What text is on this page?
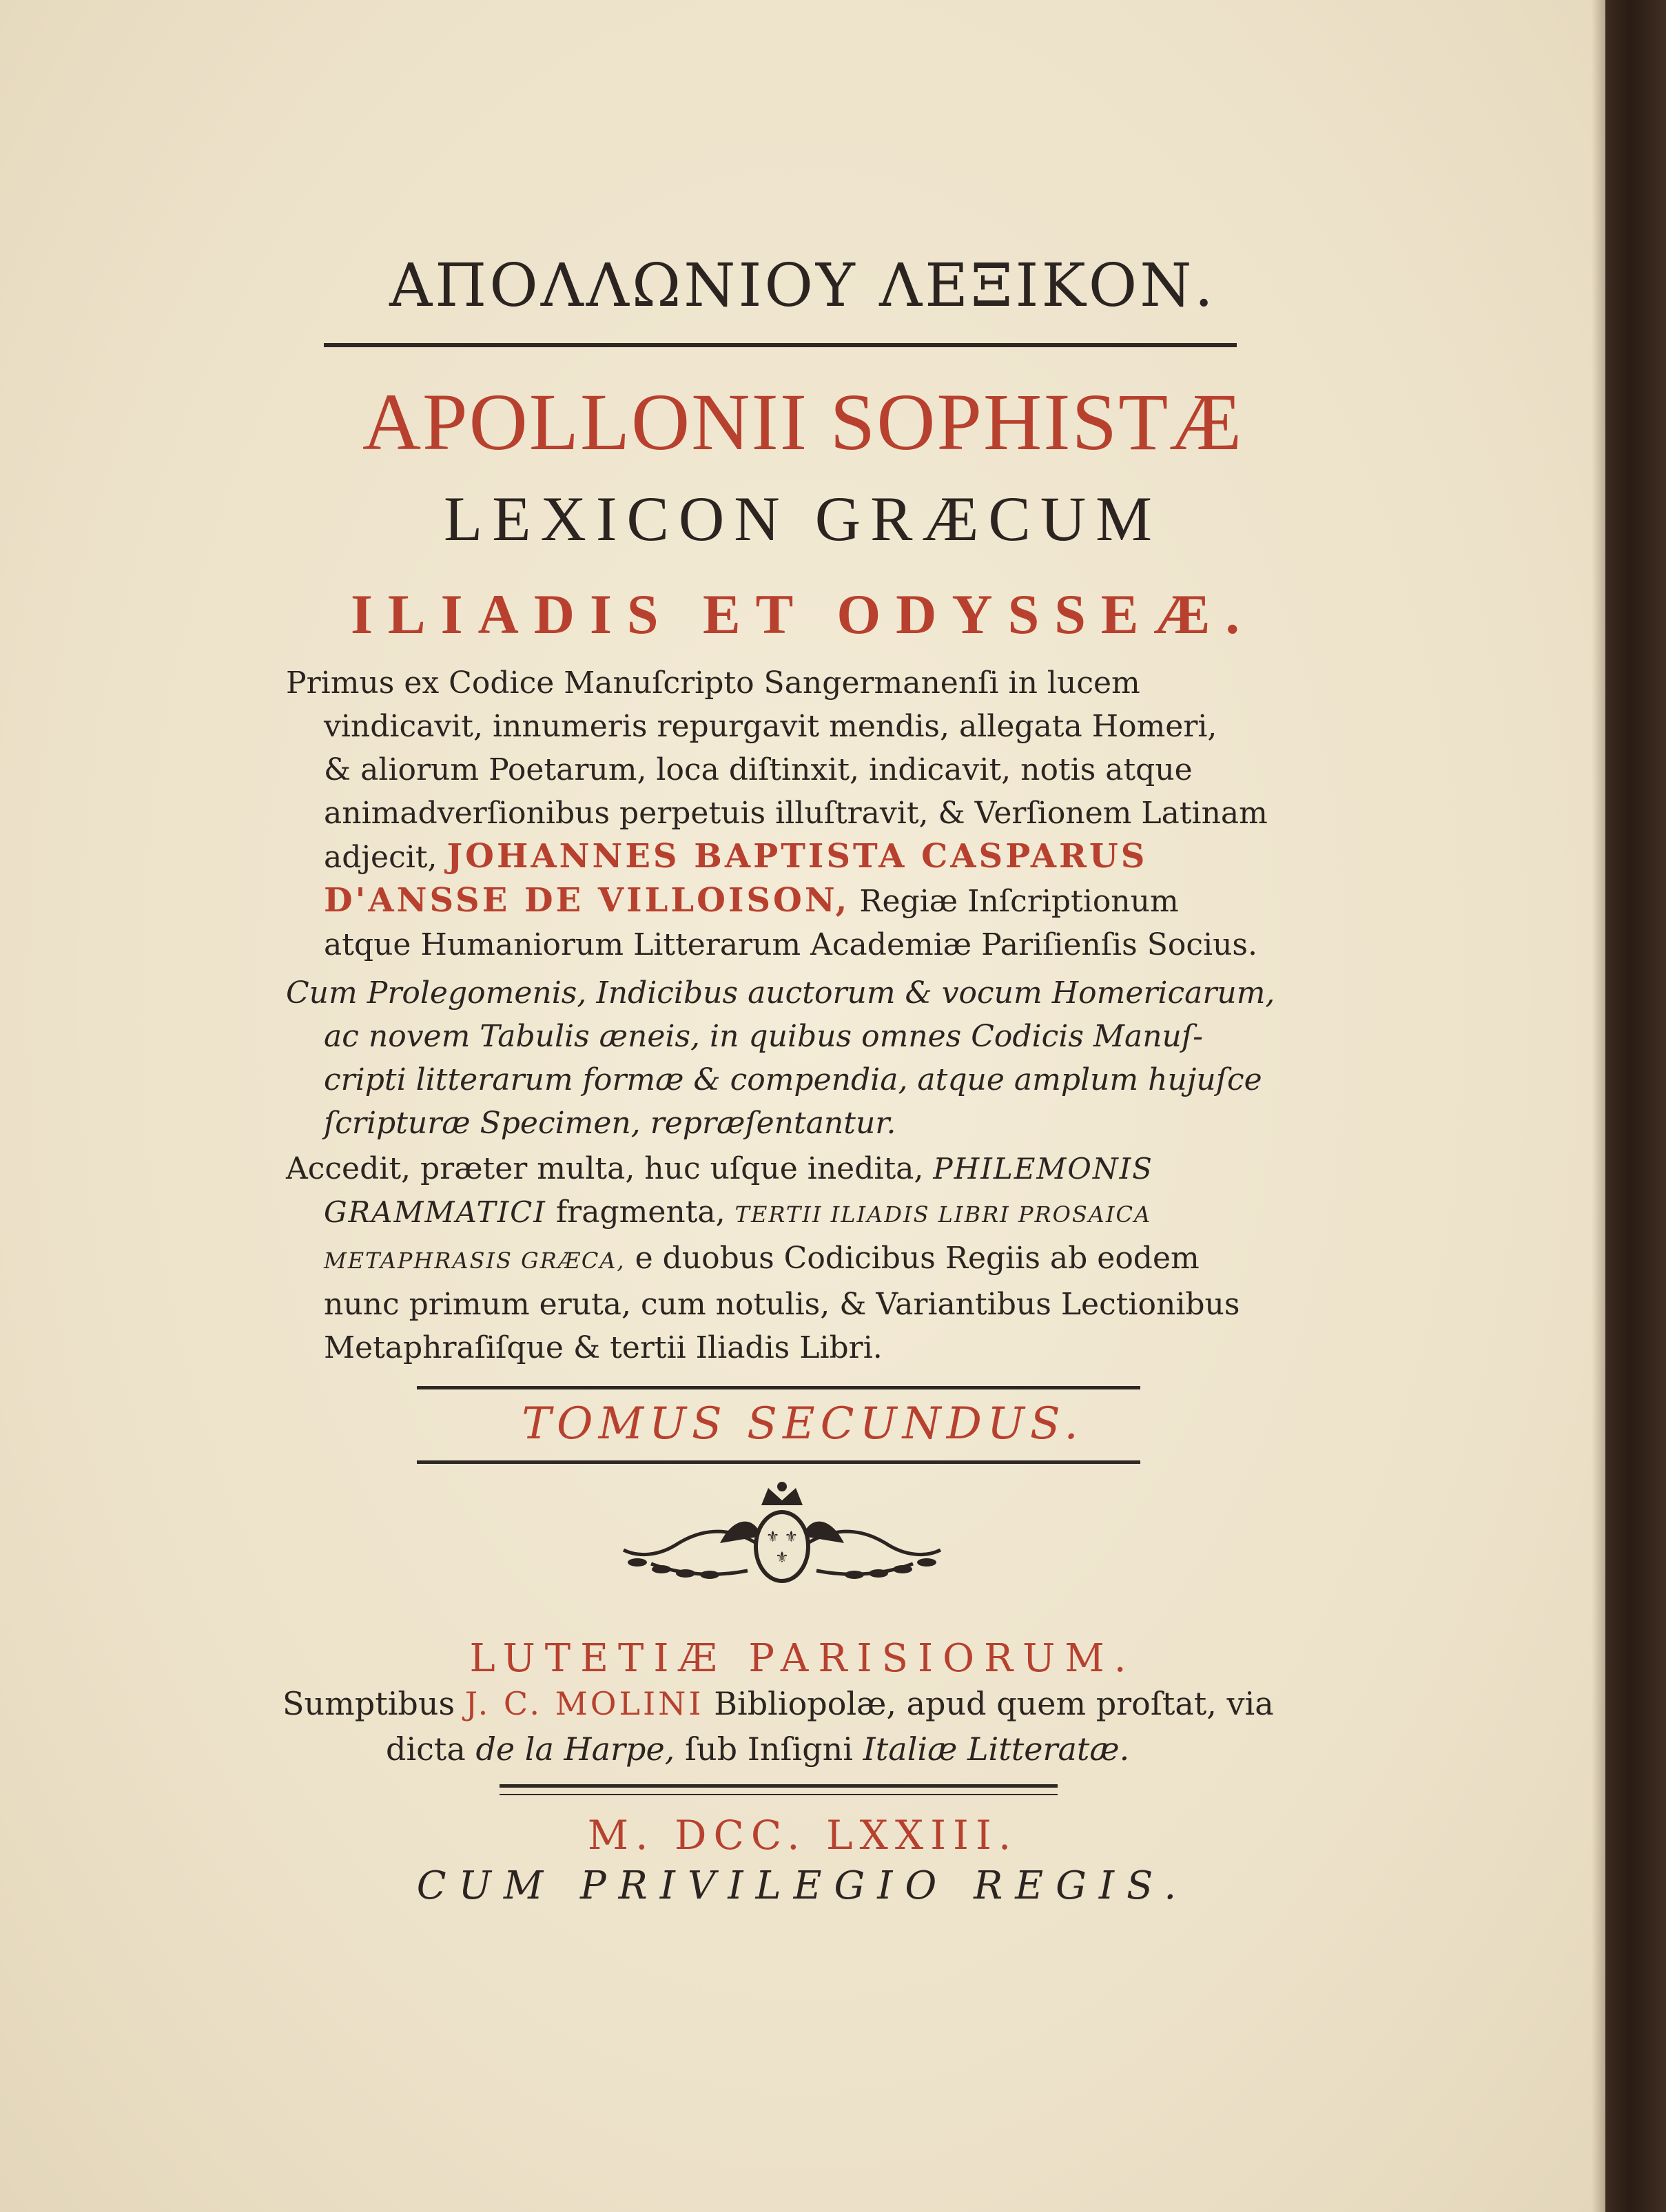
ΑΠΟΛΛΩΝΙΟΥ ΛΕΞΙΚΟΝ.
APOLLONII SOPHISTÆ
LEXICON GRÆCUM
ILIADIS ET ODYSSEÆ.
Primus ex Codice Manuſcripto Sangermanenſi in lucem
vindicavit, innumeris repurgavit mendis, allegata Homeri,
& aliorum Poetarum, loca diſtinxit, indicavit, notis atque
animadverſionibus perpetuis illuſtravit, & Verſionem Latinam
adjecit, JOHANNES BAPTISTA CASPARUS
D'ANSSE DE VILLOISON, Regiæ Inſcriptionum
atque Humaniorum Litterarum Academiæ Pariſienſis Socius.
Cum Prolegomenis, Indicibus auctorum & vocum Homericarum,
ac novem Tabulis æneis, in quibus omnes Codicis Manuſ-
cripti litterarum formæ & compendia, atque amplum hujuſce
ſcripturæ Specimen, repræſentantur.
Accedit, præter multa, huc uſque inedita, PHILEMONIS
GRAMMATICI fragmenta, TERTII ILIADIS LIBRI PROSAICA
METAPHRASIS GRÆCA, e duobus Codicibus Regiis ab eodem
nunc primum eruta, cum notulis, & Variantibus Lectionibus
Metaphraſiſque & tertii Iliadis Libri.
TOMUS SECUNDUS.
⚜ ⚜
⚜
LUTETIÆ PARISIORUM.
Sumptibus J. C. MOLINI Bibliopolæ, apud quem proſtat, via
dicta de la Harpe, ſub Inſigni Italiæ Litteratæ.
M. DCC. LXXIII.
CUM PRIVILEGIO REGIS.
